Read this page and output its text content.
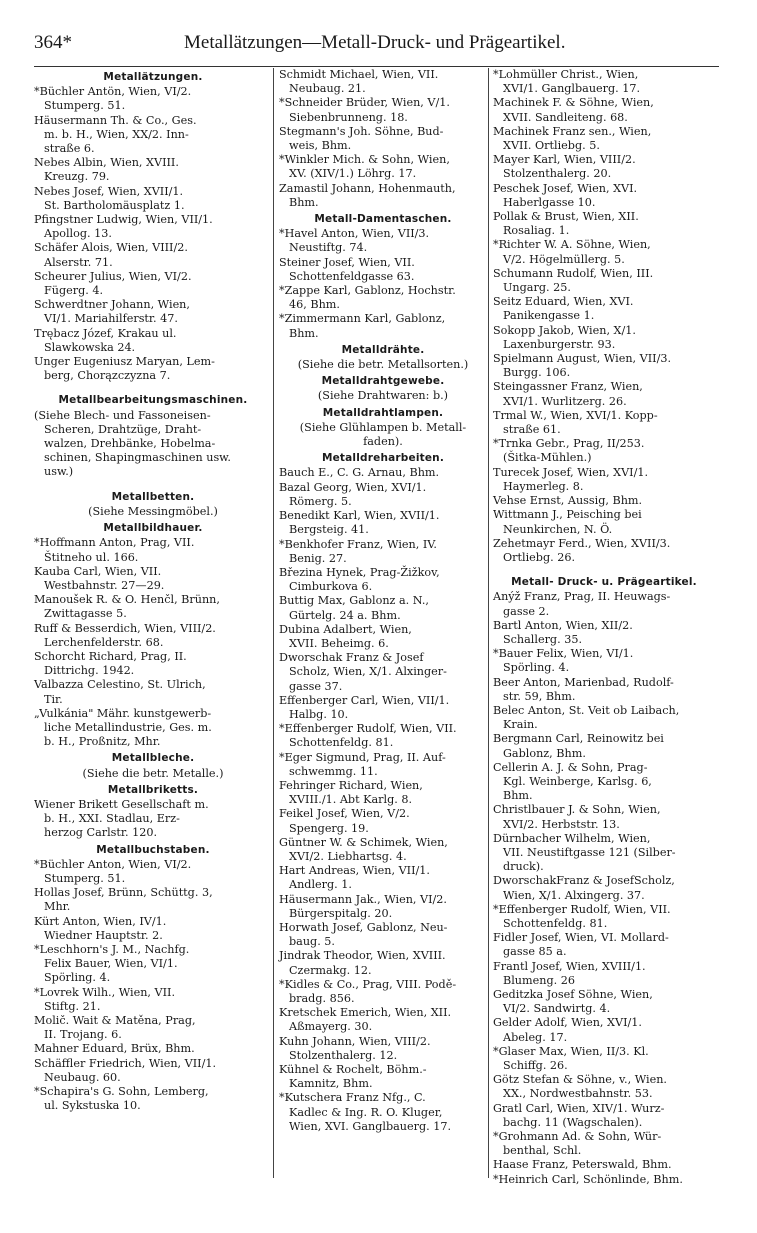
364*	Metallätzungen—Metall-Druck- und Prägeartikel.
Metallätzungen.
*Büchler Antön, Wien, VI/2.
Stumperg. 51.
Häusermann Th. & Co., Ges.
m. b. H., Wien, XX/2. Inn-
straße 6.
Nebes Albin, Wien, XVIII.
Kreuzg. 79.
Nebes Josef, Wien, XVII/1.
St. Bartholomäusplatz 1.
Pfingstner Ludwig, Wien, VII/1.
Apollog. 13.
Schäfer Alois, Wien, VIII/2.
Alserstr. 71.
Scheurer Julius, Wien, VI/2.
Fügerg. 4.
Schwerdtner Johann, Wien,
VI/1. Mariahilferstr. 47.
Trębacz Józef, Krakau ul.
Slawkowska 24.
Unger Eugeniusz Maryan, Lem-
berg, Chorązczyzna 7.
Metallbearbeitungsmaschinen.
(Siehe Blech- und Fassoneisen-
Scheren, Drahtzüge, Draht-
walzen, Drehbänke, Hobelma-
schinen, Shapingmaschinen usw.
usw.)
Metallbetten.
(Siehe Messingmöbel.)
Metallbildhauer.
*Hoffmann Anton, Prag, VII.
Štitneho ul. 166.
Kauba Carl, Wien, VII.
Westbahnstr. 27—29.
Manoušek R. & O. Henčl, Brünn,
Zwittagasse 5.
Ruff & Besserdich, Wien, VIII/2.
Lerchenfelderstr. 68.
Schorcht Richard, Prag, II.
Dittrichg. 1942.
Valbazza Celestino, St. Ulrich,
Tir.
„Vulkánia" Mähr. kunstgewerb-
liche Metallindustrie, Ges. m.
b. H., Proßnitz, Mhr.
Metallbleche.
(Siehe die betr. Metalle.)
Metallbriketts.
Wiener Brikett Gesellschaft m.
b. H., XXI. Stadlau, Erz-
herzog Carlstr. 120.
Metallbuchstaben.
*Büchler Anton, Wien, VI/2.
Stumperg. 51.
Hollas Josef, Brünn, Schüttg. 3,
Mhr.
Kürt Anton, Wien, IV/1.
Wiedner Hauptstr. 2.
*Leschhorn's J. M., Nachfg.
Felix Bauer, Wien, VI/1.
Spörling. 4.
*Lovrek Wilh., Wien, VII.
Stiftg. 21.
Molič. Wait & Matěna, Prag,
II. Trojang. 6.
Mahner Eduard, Brüx, Bhm.
Schäffler Friedrich, Wien, VII/1.
Neubaug. 60.
*Schapira's G. Sohn, Lemberg,
ul. Sykstuska 10.
Schmidt Michael, Wien, VII.
Neubaug. 21.
*Schneider Brüder, Wien, V/1.
Siebenbrunneng. 18.
Stegmann's Joh. Söhne, Bud-
weis, Bhm.
*Winkler Mich. & Sohn, Wien,
XV. (XIV/1.) Löhrg. 17.
Zamastil Johann, Hohenmauth,
Bhm.
Metall-Damentaschen.
*Havel Anton, Wien, VII/3.
Neustiftg. 74.
Steiner Josef, Wien, VII.
Schottenfeldgasse 63.
*Zappe Karl, Gablonz, Hochstr.
46, Bhm.
*Zimmermann Karl, Gablonz,
Bhm.
Metalldrähte.
(Siehe die betr. Metallsorten.)
Metalldrahtgewebe.
(Siehe Drahtwaren: b.)
Metalldrahtlampen.
(Siehe Glühlampen b. Metall-
faden).
Metalldreharbeiten.
Bauch E., C. G. Arnau, Bhm.
Bazal Georg, Wien, XVI/1.
Römerg. 5.
Benedikt Karl, Wien, XVII/1.
Bergsteig. 41.
*Benkhofer Franz, Wien, IV.
Benig. 27.
Březina Hynek, Prag-Žižkov,
Cimburkova 6.
Buttig Max, Gablonz a. N.,
Gürtelg. 24 a. Bhm.
Dubina Adalbert, Wien,
XVII. Beheimg. 6.
Dworschak Franz & Josef
Scholz, Wien, X/1. Alxinger-
gasse 37.
Effenberger Carl, Wien, VII/1.
Halbg. 10.
*Effenberger Rudolf, Wien, VII.
Schottenfeldg. 81.
*Eger Sigmund, Prag, II. Auf-
schwemmg. 11.
Fehringer Richard, Wien,
XVIII./1. Abt Karlg. 8.
Feikel Josef, Wien, V/2.
Spengerg. 19.
Güntner W. & Schimek, Wien,
XVI/2. Liebhartsg. 4.
Hart Andreas, Wien, VII/1.
Andlerg. 1.
Häusermann Jak., Wien, VI/2.
Bürgerspitalg. 20.
Horwath Josef, Gablonz, Neu-
baug. 5.
Jindrak Theodor, Wien, XVIII.
Czermakg. 12.
*Kidles & Co., Prag, VIII. Podě-
bradg. 856.
Kretschek Emerich, Wien, XII.
Aßmayerg. 30.
Kuhn Johann, Wien, VIII/2.
Stolzenthalerg. 12.
Kühnel & Rochelt, Böhm.-
Kamnitz, Bhm.
*Kutschera Franz Nfg., C.
Kadlec & Ing. R. O. Kluger,
Wien, XVI. Ganglbauerg. 17.
*Lohmüller Christ., Wien,
XVI/1. Ganglbauerg. 17.
Machinek F. & Söhne, Wien,
XVII. Sandleiteng. 68.
Machinek Franz sen., Wien,
XVII. Ortliebg. 5.
Mayer Karl, Wien, VIII/2.
Stolzenthalerg. 20.
Peschek Josef, Wien, XVI.
Haberlgasse 10.
Pollak & Brust, Wien, XII.
Rosaliag. 1.
*Richter W. A. Söhne, Wien,
V/2. Högelmüllerg. 5.
Schumann Rudolf, Wien, III.
Ungarg. 25.
Seitz Eduard, Wien, XVI.
Panikengasse 1.
Sokopp Jakob, Wien, X/1.
Laxenburgerstr. 93.
Spielmann August, Wien, VII/3.
Burgg. 106.
Steingassner Franz, Wien,
XVI/1. Wurlitzerg. 26.
Trmal W., Wien, XVI/1. Kopp-
straße 61.
*Trnka Gebr., Prag, II/253.
(Šitka-Mühlen.)
Turecek Josef, Wien, XVI/1.
Haymerleg. 8.
Vehse Ernst, Aussig, Bhm.
Wittmann J., Peisching bei
Neunkirchen, N. Ö.
Zehetmayr Ferd., Wien, XVII/3.
Ortliebg. 26.
Metall- Druck- u. Prägeartikel.
Anýž Franz, Prag, II. Heuwags-
gasse 2.
Bartl Anton, Wien, XII/2.
Schallerg. 35.
*Bauer Felix, Wien, VI/1.
Spörling. 4.
Beer Anton, Marienbad, Rudolf-
str. 59, Bhm.
Belec Anton, St. Veit ob Laibach,
Krain.
Bergmann Carl, Reinowitz bei
Gablonz, Bhm.
Cellerin A. J. & Sohn, Prag-
Kgl. Weinberge, Karlsg. 6,
Bhm.
Christlbauer J. & Sohn, Wien,
XVI/2. Herbststr. 13.
Dürnbacher Wilhelm, Wien,
VII. Neustiftgasse 121 (Silber-
druck).
DworschakFranz & JosefScholz,
Wien, X/1. Alxingerg. 37.
*Effenberger Rudolf, Wien, VII.
Schottenfeldg. 81.
Fidler Josef, Wien, VI. Mollard-
gasse 85 a.
Frantl Josef, Wien, XVIII/1.
Blumeng. 26
Geditzka Josef Söhne, Wien,
VI/2. Sandwirtg. 4.
Gelder Adolf, Wien, XVI/1.
Abeleg. 17.
*Glaser Max, Wien, II/3. Kl.
Schiffg. 26.
Götz Stefan & Söhne, v., Wien.
XX., Nordwestbahnstr. 53.
Gratl Carl, Wien, XIV/1. Wurz-
bachg. 11 (Wagschalen).
*Grohmann Ad. & Sohn, Wür-
benthal, Schl.
Haase Franz, Peterswald, Bhm.
*Heinrich Carl, Schönlinde, Bhm.
